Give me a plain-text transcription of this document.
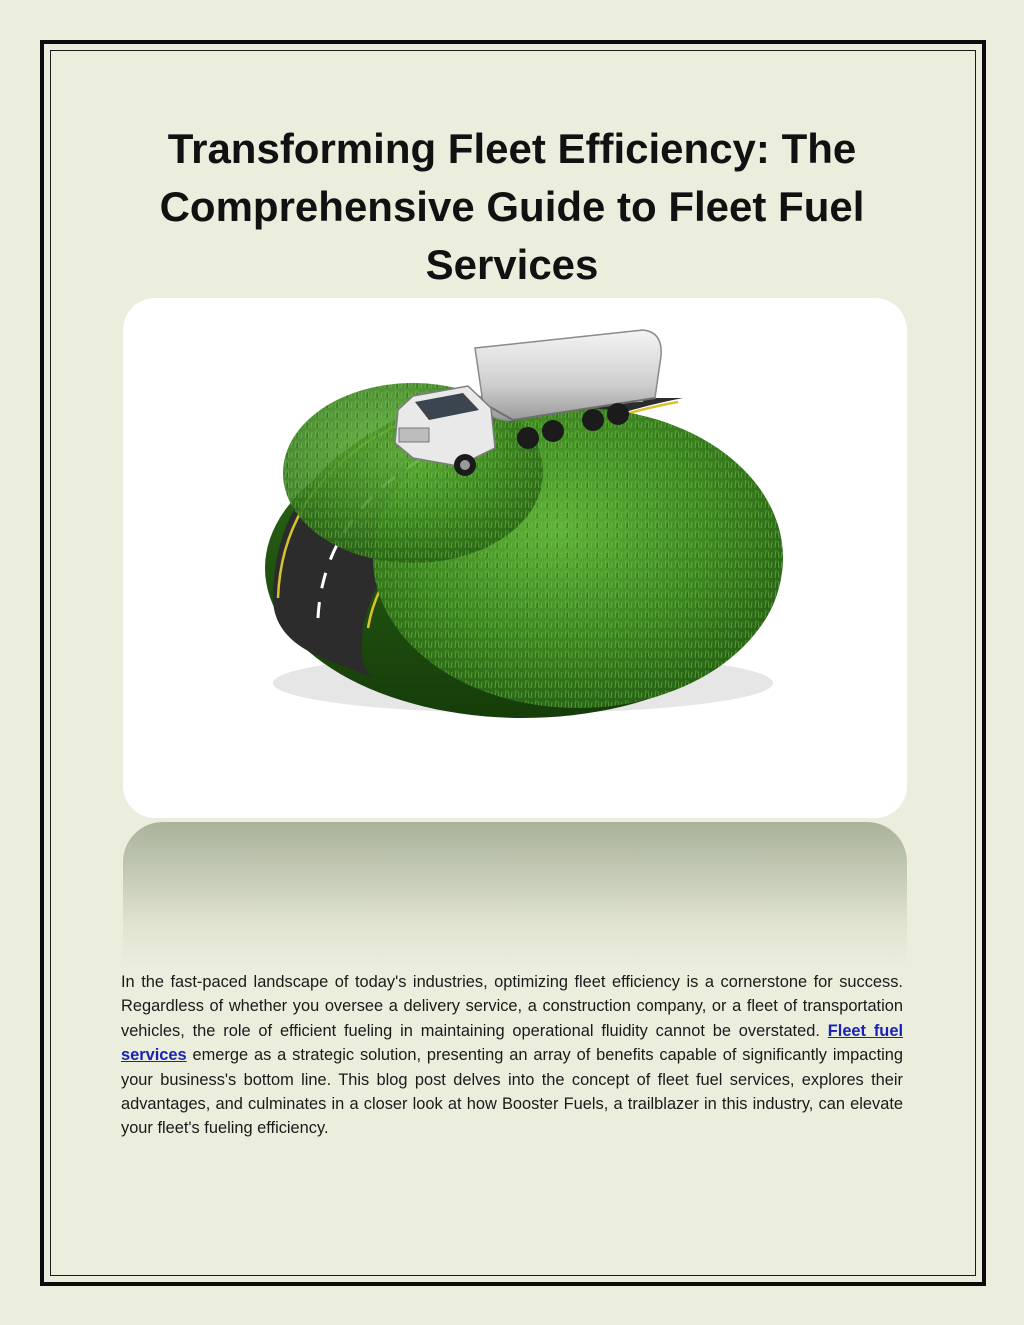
Transforming Fleet Efficiency: The Comprehensive Guide to Fleet Fuel Services

In the fast-paced landscape of today's industries, optimizing fleet efficiency is a cornerstone for success. Regardless of whether you oversee a delivery service, a construction company, or a fleet of transportation vehicles, the role of efficient fueling in maintaining operational fluidity cannot be overstated. Fleet fuel services emerge as a strategic solution, presenting an array of benefits capable of significantly impacting your business's bottom line. This blog post delves into the concept of fleet fuel services, explores their advantages, and culminates in a closer look at how Booster Fuels, a trailblazer in this industry, can elevate your fleet's fueling efficiency.
